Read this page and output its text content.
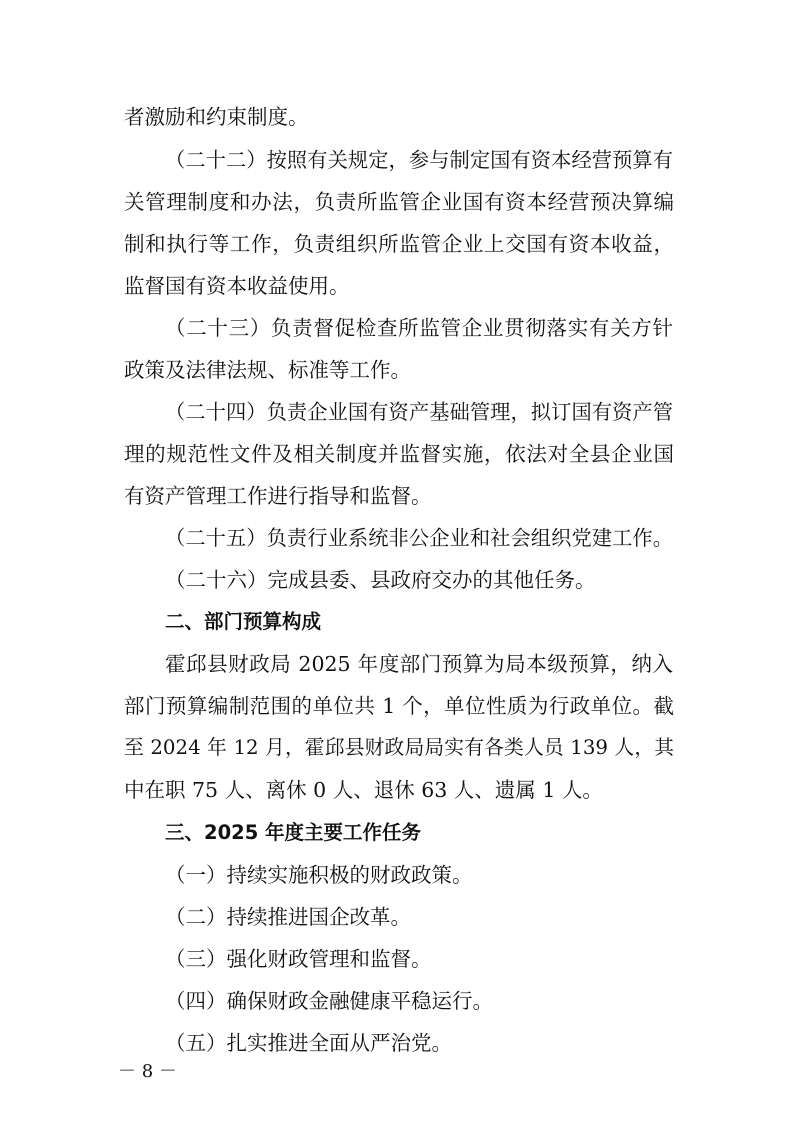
者激励和约束制度。
（二十二）按照有关规定，参与制定国有资本经营预算有
关管理制度和办法，负责所监管企业国有资本经营预决算编
制和执行等工作，负责组织所监管企业上交国有资本收益，
监督国有资本收益使用。
（二十三）负责督促检查所监管企业贯彻落实有关方针
政策及法律法规、标准等工作。
（二十四）负责企业国有资产基础管理，拟订国有资产管
理的规范性文件及相关制度并监督实施，依法对全县企业国
有资产管理工作进行指导和监督。
（二十五）负责行业系统非公企业和社会组织党建工作。
（二十六）完成县委、县政府交办的其他任务。
二、部门预算构成
霍邱县财政局 2025 年度部门预算为局本级预算，纳入
部门预算编制范围的单位共 1 个，单位性质为行政单位。截
至 2024 年 12 月，霍邱县财政局局实有各类人员 139 人，其
中在职 75 人、离休 0 人、退休 63 人、遗属 1 人。
三、2025 年度主要工作任务
（一）持续实施积极的财政政策。
（二）持续推进国企改革。
（三）强化财政管理和监督。
（四）确保财政金融健康平稳运行。
（五）扎实推进全面从严治党。
－ 8 －
